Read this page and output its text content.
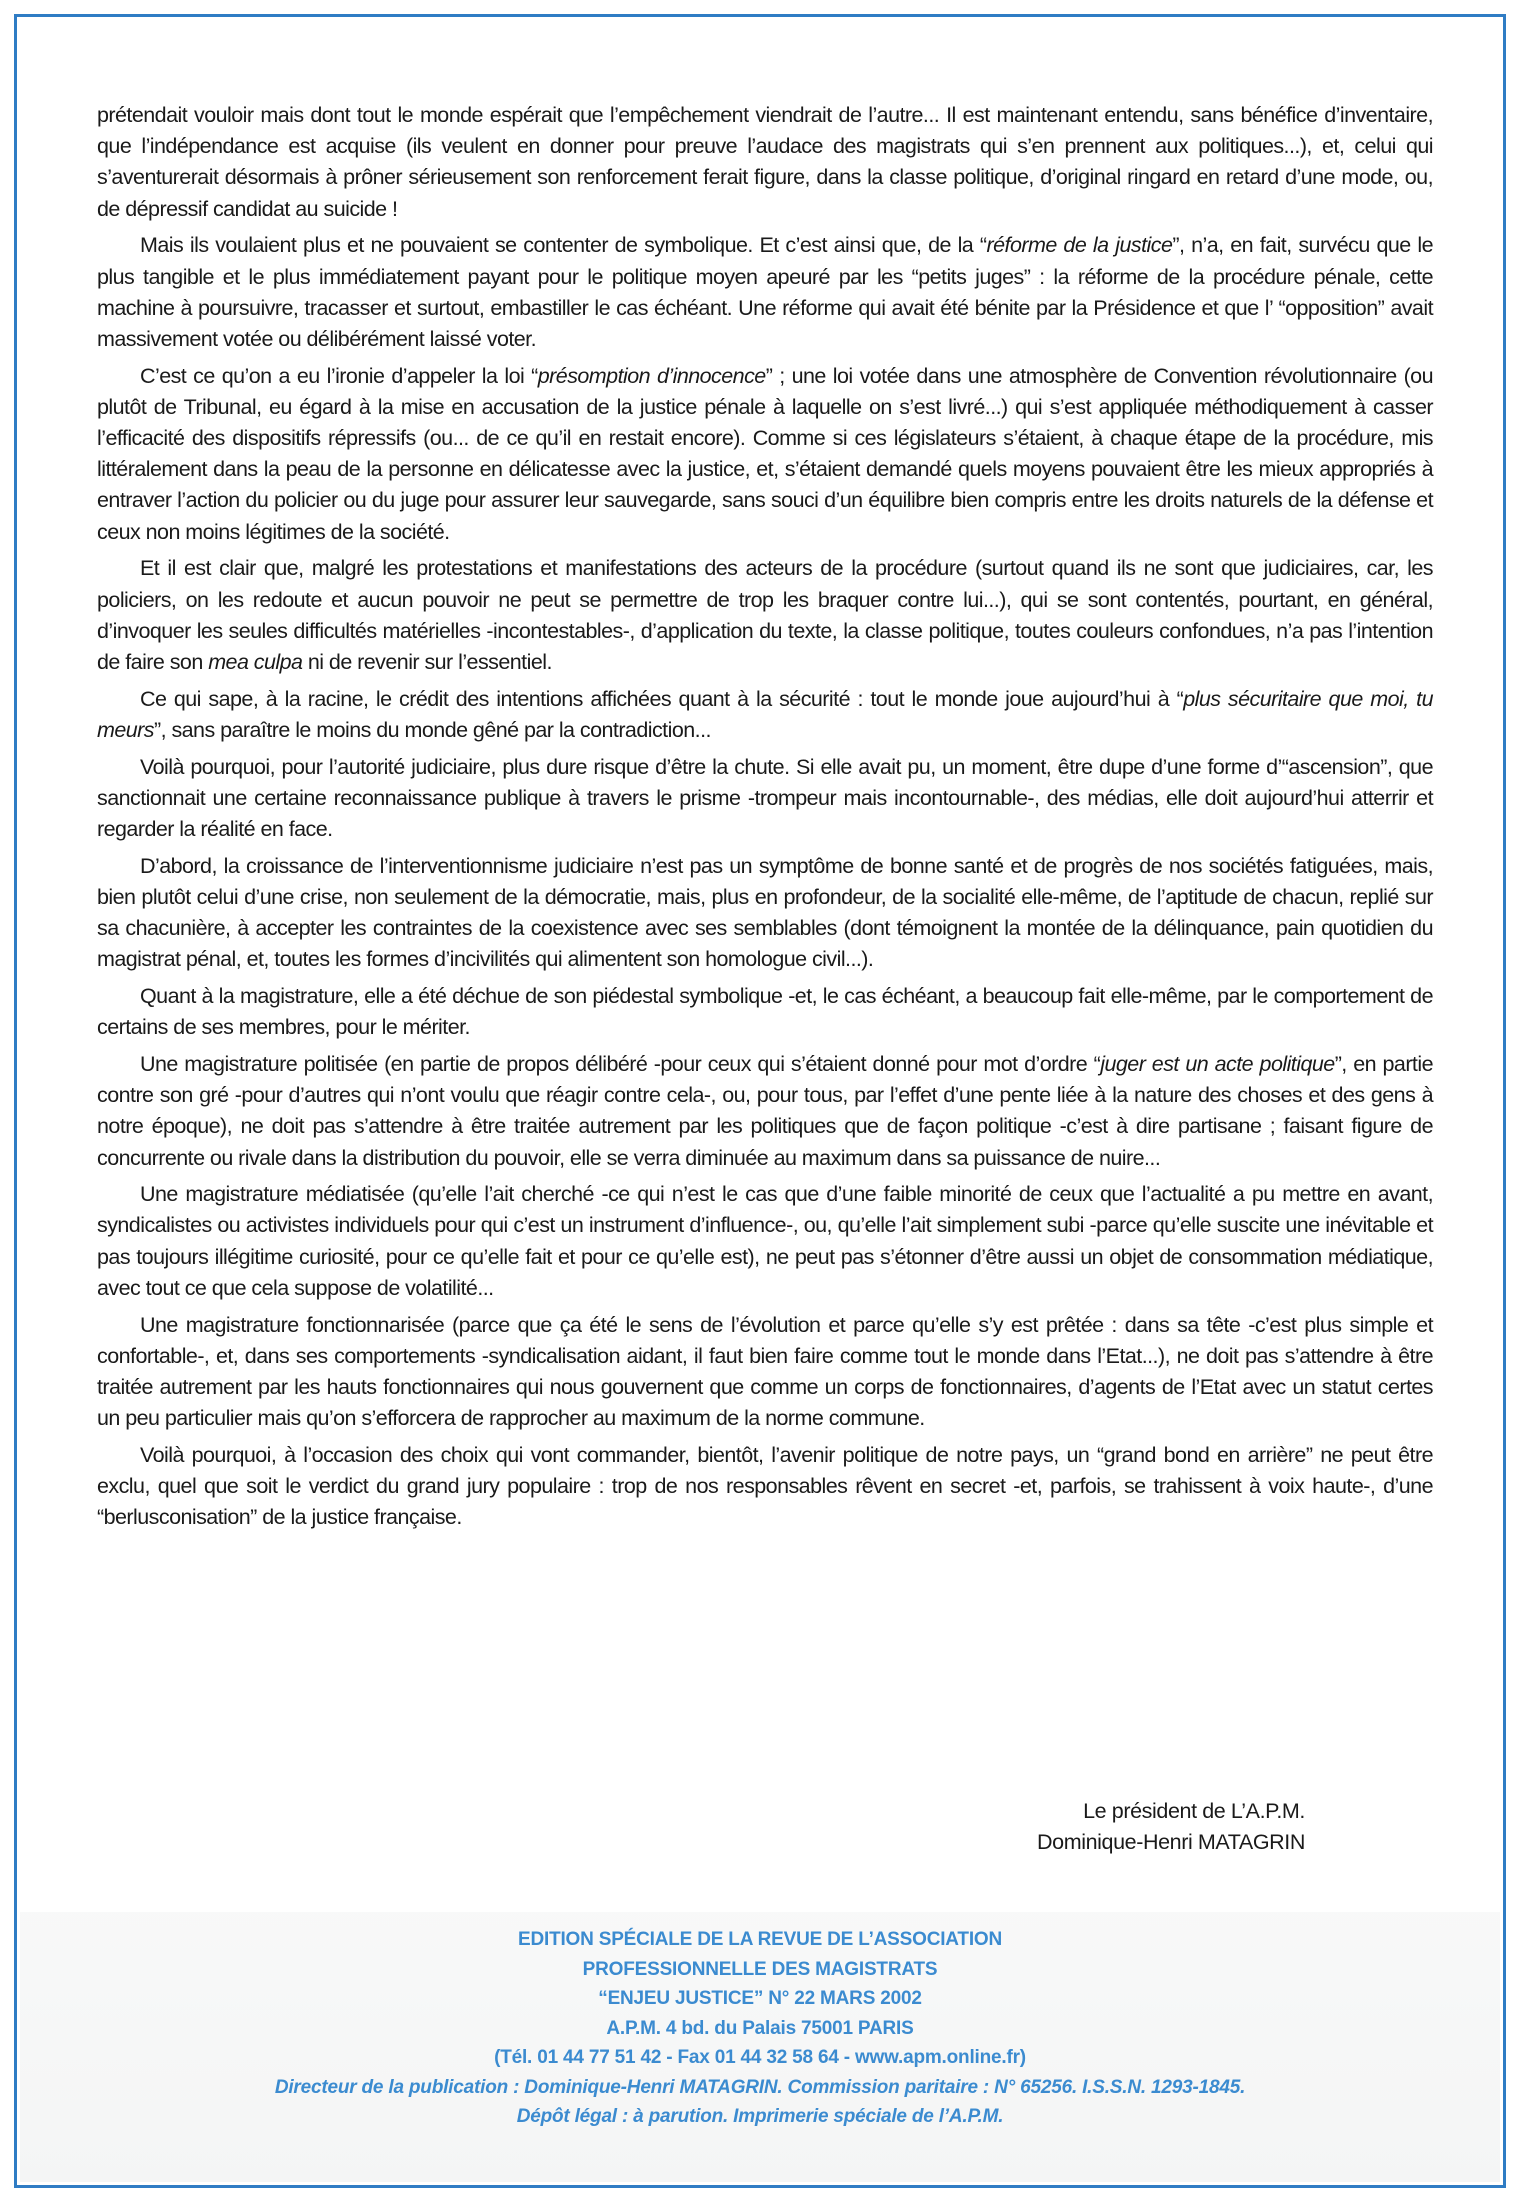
prétendait vouloir mais dont tout le monde espérait que l’empêchement viendrait de l’autre... Il est maintenant entendu, sans bénéfice d’inventaire, que l’indépendance est acquise (ils veulent en donner pour preuve l’audace des magistrats qui s’en prennent aux politiques...), et, celui qui s’aventurerait désormais à prôner sérieusement son renforcement ferait figure, dans la classe politique, d’original ringard en retard d’une mode, ou, de dépressif candidat au suicide !

Mais ils voulaient plus et ne pouvaient se contenter de symbolique. Et c’est ainsi que, de la “réforme de la justice”, n’a, en fait, survécu que le plus tangible et le plus immédiatement payant pour le politique moyen apeuré par les “petits juges” : la réforme de la procédure pénale, cette machine à poursuivre, tracasser et surtout, embastiller le cas échéant. Une réforme qui avait été bénite par la Présidence et que l’ “opposition” avait massivement votée ou délibérément laissé voter.

C’est ce qu’on a eu l’ironie d’appeler la loi “présomption d’innocence” ; une loi votée dans une atmosphère de Convention révolutionnaire (ou plutôt de Tribunal, eu égard à la mise en accusation de la justice pénale à laquelle on s’est livré...) qui s’est appliquée méthodiquement à casser l’efficacité des dispositifs répressifs (ou... de ce qu’il en restait encore). Comme si ces législateurs s’étaient, à chaque étape de la procédure, mis littéralement dans la peau de la personne en délicatesse avec la justice, et, s’étaient demandé quels moyens pouvaient être les mieux appropriés à entraver l’action du policier ou du juge pour assurer leur sauvegarde, sans souci d’un équilibre bien compris entre les droits naturels de la défense et ceux non moins légitimes de la société.

Et il est clair que, malgré les protestations et manifestations des acteurs de la procédure (surtout quand ils ne sont que judiciaires, car, les policiers, on les redoute et aucun pouvoir ne peut se permettre de trop les braquer contre lui...), qui se sont contentés, pourtant, en général, d’invoquer les seules difficultés matérielles -incontestables-, d’application du texte, la classe politique, toutes couleurs confondues, n’a pas l’intention de faire son mea culpa ni de revenir sur l’essentiel.

Ce qui sape, à la racine, le crédit des intentions affichées quant à la sécurité : tout le monde joue aujourd’hui à “plus sécuritaire que moi, tu meurs”, sans paraître le moins du monde gêné par la contradiction...

Voilà pourquoi, pour l’autorité judiciaire, plus dure risque d’être la chute. Si elle avait pu, un moment, être dupe d’une forme d’“ascension”, que sanctionnait une certaine reconnaissance publique à travers le prisme -trompeur mais incontournable-, des médias, elle doit aujourd’hui atterrir et regarder la réalité en face.

D’abord, la croissance de l’interventionnisme judiciaire n’est pas un symptôme de bonne santé et de progrès de nos sociétés fatiguées, mais, bien plutôt celui d’une crise, non seulement de la démocratie, mais, plus en profondeur, de la socialité elle-même, de l’aptitude de chacun, replié sur sa chacunière, à accepter les contraintes de la coexistence avec ses semblables (dont témoignent la montée de la délinquance, pain quotidien du magistrat pénal, et, toutes les formes d’incivilités qui alimentent son homologue civil...).

Quant à la magistrature, elle a été déchue de son piédestal symbolique -et, le cas échéant, a beaucoup fait elle-même, par le comportement de certains de ses membres, pour le mériter.

Une magistrature politisée (en partie de propos délibéré -pour ceux qui s’étaient donné pour mot d’ordre “juger est un acte politique”, en partie contre son gré -pour d’autres qui n’ont voulu que réagir contre cela-, ou, pour tous, par l’effet d’une pente liée à la nature des choses et des gens à notre époque), ne doit pas s’attendre à être traitée autrement par les politiques que de façon politique -c’est à dire partisane ; faisant figure de concurrente ou rivale dans la distribution du pouvoir, elle se verra diminuée au maximum dans sa puissance de nuire...

Une magistrature médiatisée (qu’elle l’ait cherché -ce qui n’est le cas que d’une faible minorité de ceux que l’actualité a pu mettre en avant, syndicalistes ou activistes individuels pour qui c’est un instrument d’influence-, ou, qu’elle l’ait simplement subi -parce qu’elle suscite une inévitable et pas toujours illégitime curiosité, pour ce qu’elle fait et pour ce qu’elle est), ne peut pas s’étonner d’être aussi un objet de consommation médiatique, avec tout ce que cela suppose de volatilité...

Une magistrature fonctionnarisée (parce que ça été le sens de l’évolution et parce qu’elle s’y est prêtée : dans sa tête -c’est plus simple et confortable-, et, dans ses comportements -syndicalisation aidant, il faut bien faire comme tout le monde dans l’Etat...), ne doit pas s’attendre à être traitée autrement par les hauts fonctionnaires qui nous gouvernent que comme un corps de fonctionnaires, d’agents de l’Etat avec un statut certes un peu particulier mais qu’on s’efforcera de rapprocher au maximum de la norme commune.

Voilà pourquoi, à l’occasion des choix qui vont commander, bientôt, l’avenir politique de notre pays, un “grand bond en arrière” ne peut être exclu, quel que soit le verdict du grand jury populaire : trop de nos responsables rêvent en secret -et, parfois, se trahissent à voix haute-, d’une “berlusconisation” de la justice française.

Le président de L’A.P.M.
Dominique-Henri MATAGRIN
EDITION SPÉCIALE DE LA REVUE DE L’ASSOCIATION
PROFESSIONNELLE DES MAGISTRATS
“ENJEU JUSTICE” N° 22 MARS 2002
A.P.M. 4 bd. du Palais 75001 PARIS
(Tél. 01 44 77 51 42 - Fax 01 44 32 58 64 - www.apm.online.fr)
Directeur de la publication : Dominique-Henri MATAGRIN. Commission paritaire : N° 65256. I.S.S.N. 1293-1845.
Dépôt légal : à parution. Imprimerie spéciale de l’A.P.M.
